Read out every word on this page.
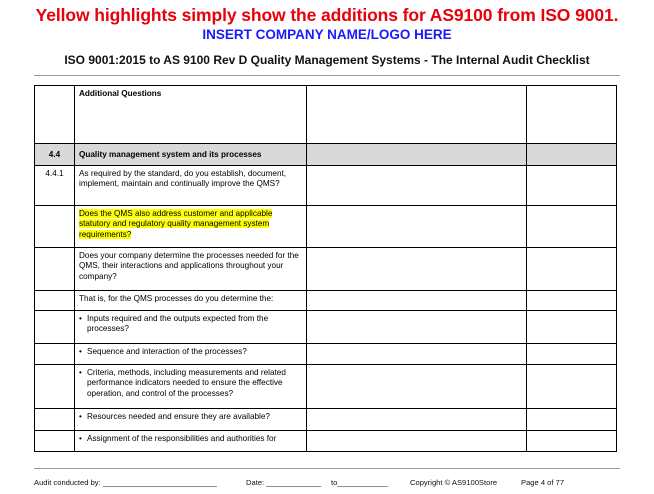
Yellow highlights simply show the additions for AS9100 from ISO 9001.
INSERT COMPANY NAME/LOGO HERE
ISO 9001:2015 to AS 9100 Rev D Quality Management Systems - The Internal Audit Checklist
	Additional Questions		
4.4	Quality management system and its processes		
4.4.1	As required by the standard, do you establish, document, implement, maintain and continually improve the QMS?		
	Does the QMS also address customer and applicable statutory and regulatory quality management system requirements?		
	Does your company determine the processes needed for the QMS, their interactions and applications throughout your company?		
	That is, for the QMS processes do you determine the:		

	• Inputs required and the outputs expected from the processes?		

	• Sequence and interaction of the processes?		

	• Criteria, methods, including measurements and related performance indicators needed to ensure the effective operation, and control of the processes?		

	• Resources needed and ensure they are available?		

	• Assignment of the responsibilities and authorities for		

Audit conducted by: ___________________________	Date: _____________ to____________	Copyright © AS9100Store	Page 4 of 77
